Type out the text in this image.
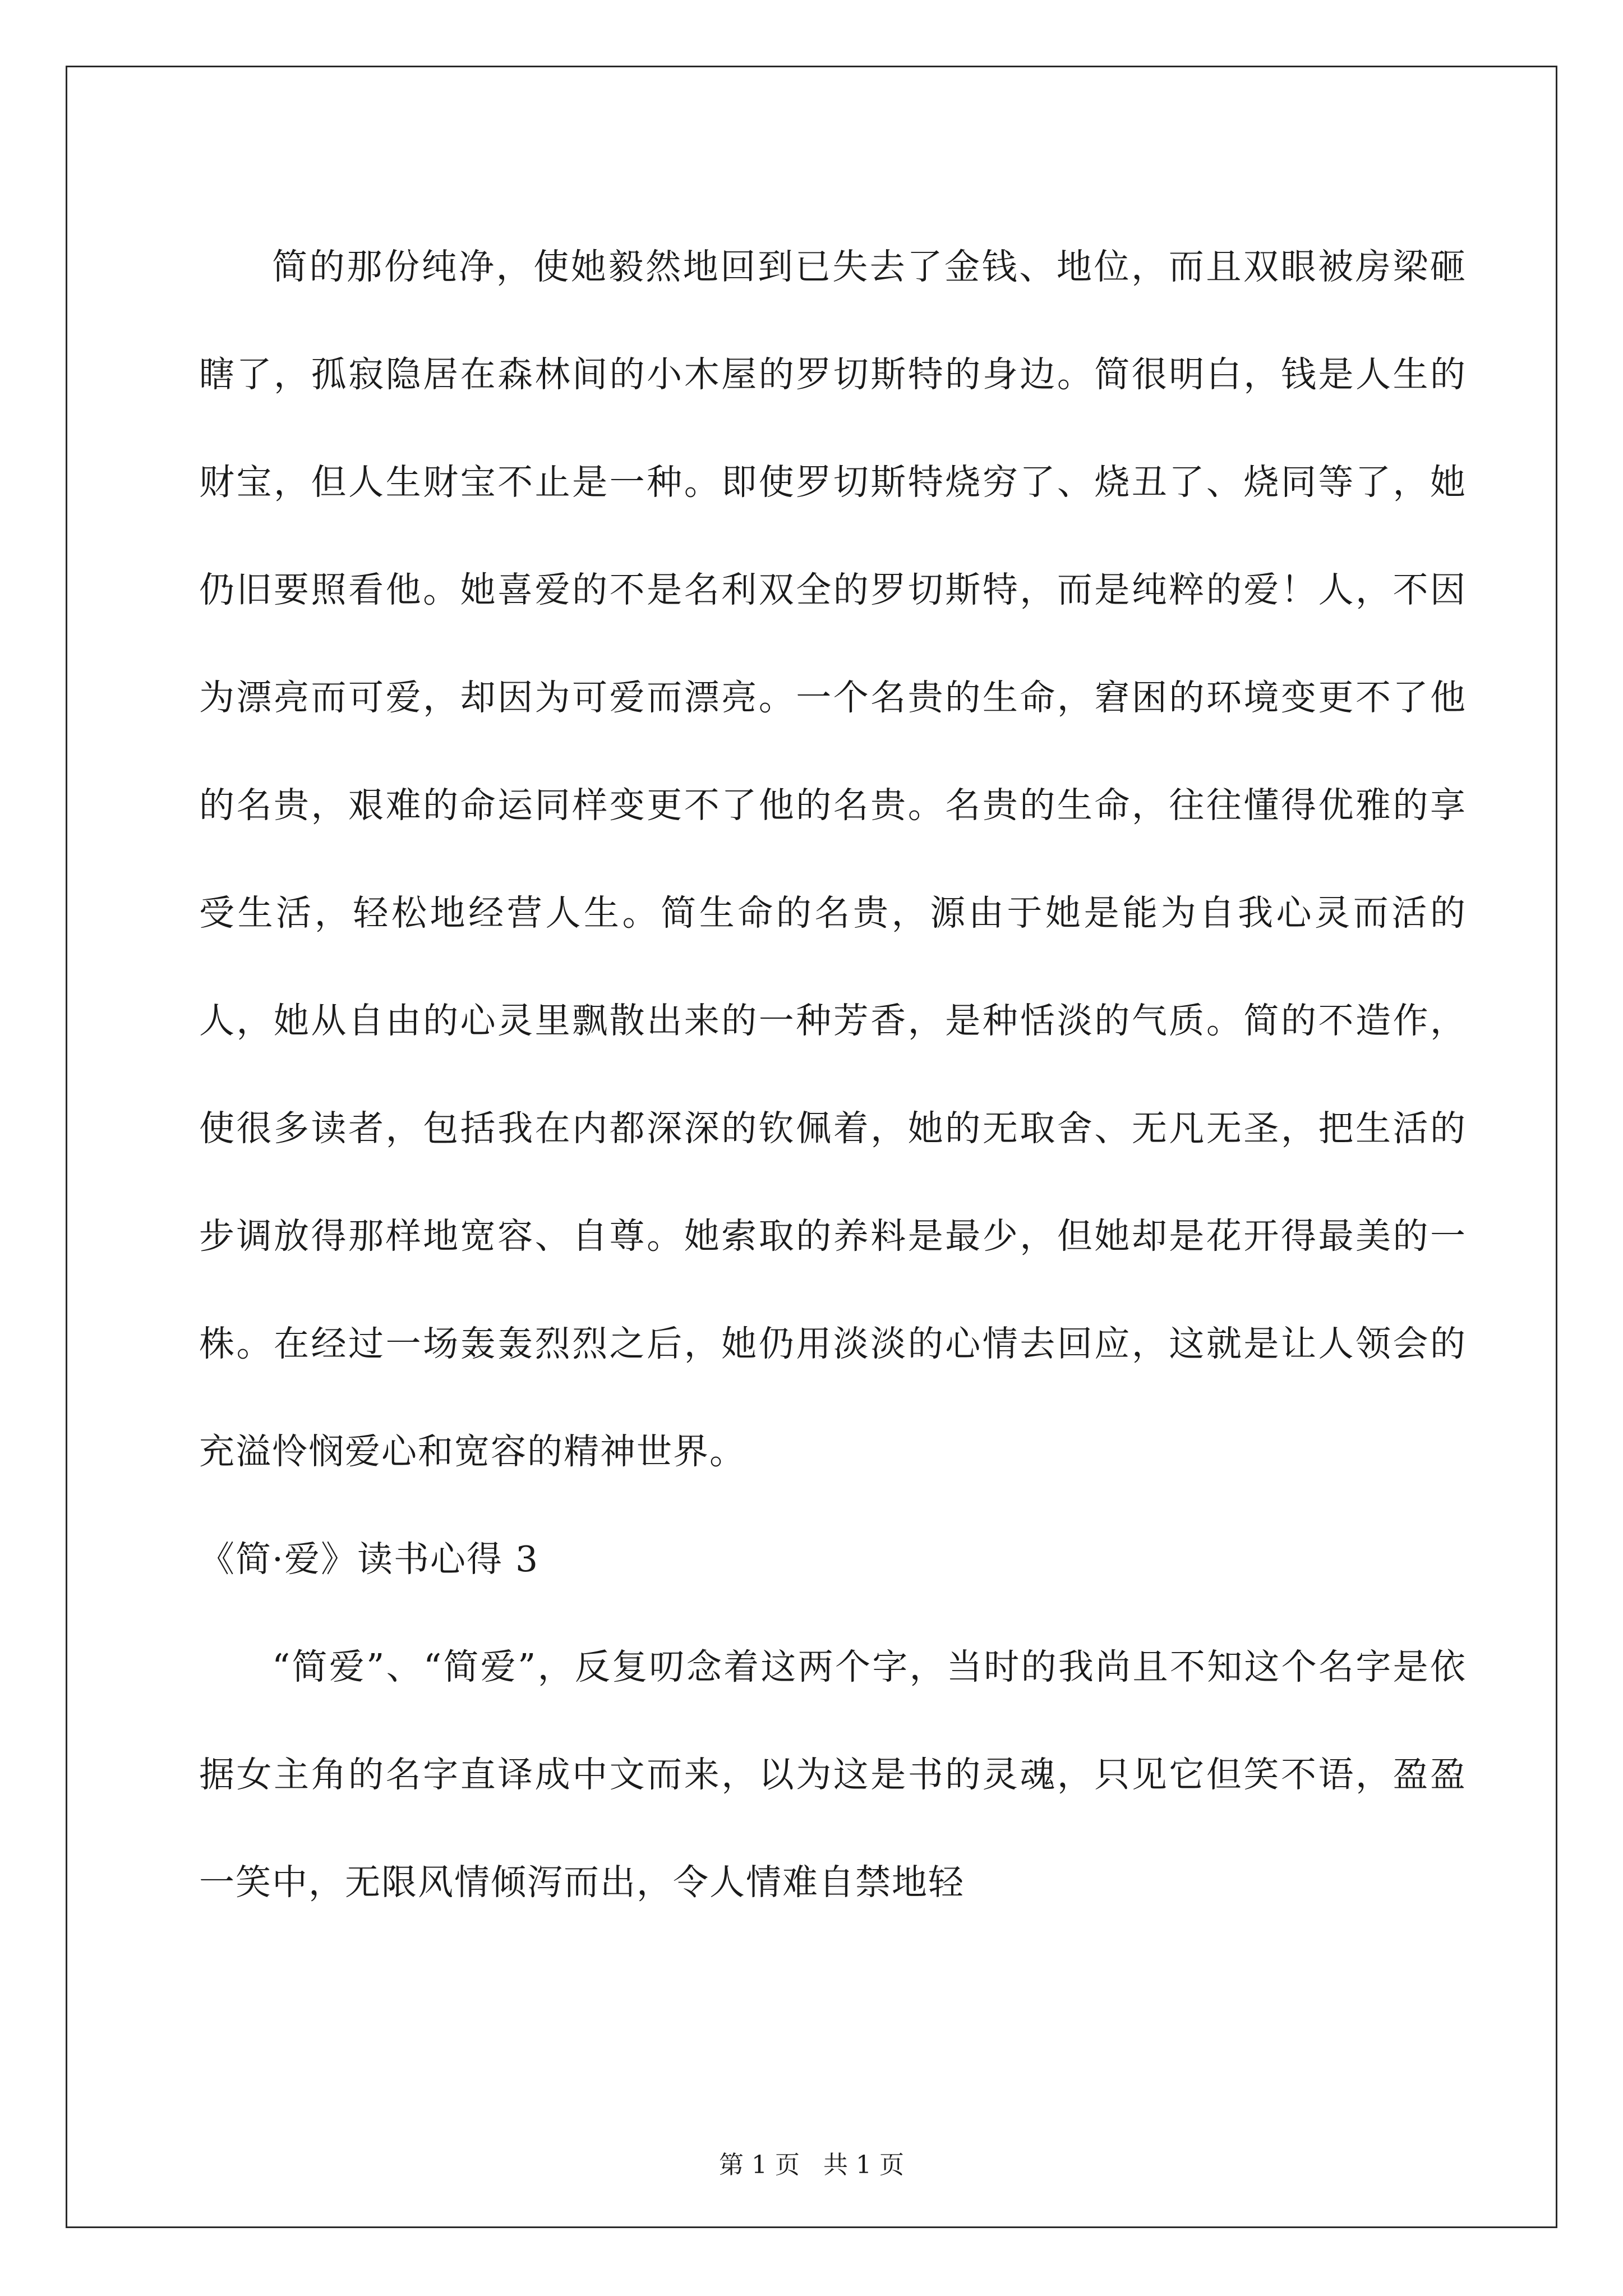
简的那份纯净，使她毅然地回到已失去了金钱、地位，而且双眼被房梁砸瞎了，孤寂隐居在森林间的小木屋的罗切斯特的身边。简很明白，钱是人生的财宝，但人生财宝不止是一种。即使罗切斯特烧穷了、烧丑了、烧同等了，她仍旧要照看他。她喜爱的不是名利双全的罗切斯特，而是纯粹的爱！人，不因为漂亮而可爱，却因为可爱而漂亮。一个名贵的生命，窘困的环境变更不了他的名贵，艰难的命运同样变更不了他的名贵。名贵的生命，往往懂得优雅的享受生活，轻松地经营人生。简生命的名贵，源由于她是能为自我心灵而活的人，她从自由的心灵里飘散出来的一种芳香，是种恬淡的气质。简的不造作，使很多读者，包括我在内都深深的钦佩着，她的无取舍、无凡无圣，把生活的步调放得那样地宽容、自尊。她索取的养料是最少，但她却是花开得最美的一株。在经过一场轰轰烈烈之后，她仍用淡淡的心情去回应，这就是让人领会的充溢怜悯爱心和宽容的精神世界。

《简·爱》读书心得 3

“简爱”、“简爱”，反复叨念着这两个字，当时的我尚且不知这个名字是依据女主角的名字直译成中文而来，以为这是书的灵魂，只见它但笑不语，盈盈一笑中，无限风情倾泻而出，令人情难自禁地轻

第 1 页 共 1 页
